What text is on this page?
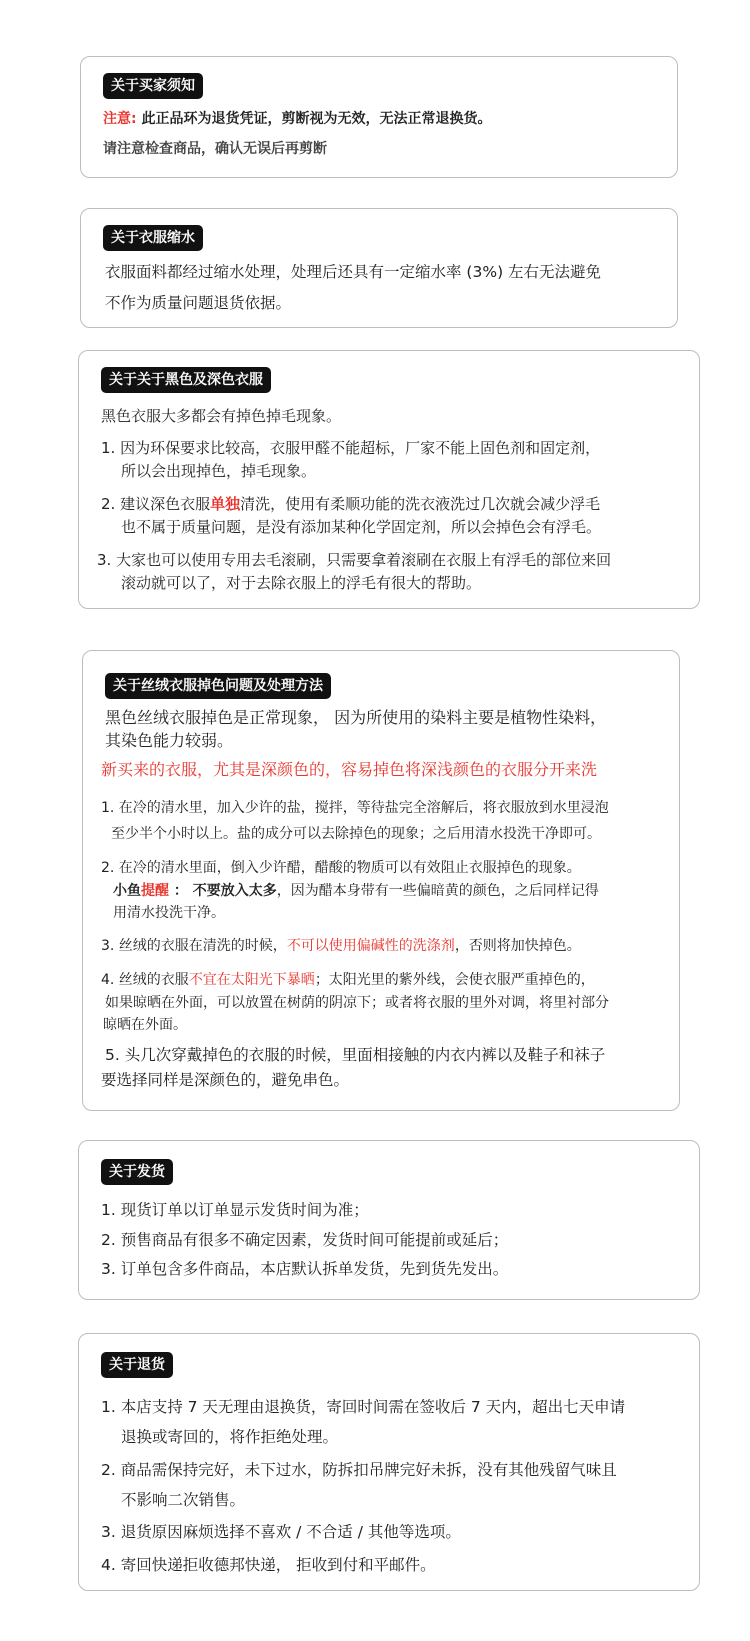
关于买家须知
注意: 此正品环为退货凭证，剪断视为无效，无法正常退换货。
请注意检查商品，确认无误后再剪断
关于衣服缩水
衣服面料都经过缩水处理，处理后还具有一定缩水率 (3%) 左右无法避免
不作为质量问题退货依据。
关于关于黑色及深色衣服
黑色衣服大多都会有掉色掉毛现象。
1. 因为环保要求比较高，衣服甲醛不能超标，厂家不能上固色剂和固定剂，
所以会出现掉色，掉毛现象。
2. 建议深色衣服单独清洗，使用有柔顺功能的洗衣液洗过几次就会减少浮毛
也不属于质量问题，是没有添加某种化学固定剂，所以会掉色会有浮毛。
3. 大家也可以使用专用去毛滚刷，只需要拿着滚刷在衣服上有浮毛的部位来回
滚动就可以了，对于去除衣服上的浮毛有很大的帮助。
关于丝绒衣服掉色问题及处理方法
黑色丝绒衣服掉色是正常现象， 因为所使用的染料主要是植物性染料，
其染色能力较弱。
新买来的衣服，尤其是深颜色的，容易掉色将深浅颜色的衣服分开来洗
1. 在冷的清水里，加入少许的盐，搅拌，等待盐完全溶解后，将衣服放到水里浸泡
至少半个小时以上。盐的成分可以去除掉色的现象；之后用清水投洗干净即可。
2. 在冷的清水里面，倒入少许醋，醋酸的物质可以有效阻止衣服掉色的现象。
小鱼提醒 ： 不要放入太多，因为醋本身带有一些偏暗黄的颜色，之后同样记得
用清水投洗干净。
3. 丝绒的衣服在清洗的时候，不可以使用偏碱性的洗涤剂，否则将加快掉色。
4. 丝绒的衣服不宜在太阳光下暴晒；太阳光里的紫外线，会使衣服严重掉色的，
如果晾晒在外面，可以放置在树荫的阴凉下；或者将衣服的里外对调，将里衬部分
晾晒在外面。
5. 头几次穿戴掉色的衣服的时候，里面相接触的内衣内裤以及鞋子和袜子
要选择同样是深颜色的，避免串色。
关于发货
1. 现货订单以订单显示发货时间为准；
2. 预售商品有很多不确定因素，发货时间可能提前或延后；
3. 订单包含多件商品，本店默认拆单发货，先到货先发出。
关于退货
1. 本店支持 7 天无理由退换货，寄回时间需在签收后 7 天内，超出七天申请
退换或寄回的，将作拒绝处理。
2. 商品需保持完好，未下过水，防拆扣吊牌完好未拆，没有其他残留气味且
不影响二次销售。
3. 退货原因麻烦选择不喜欢 / 不合适 / 其他等选项。
4. 寄回快递拒收德邦快递， 拒收到付和平邮件。
